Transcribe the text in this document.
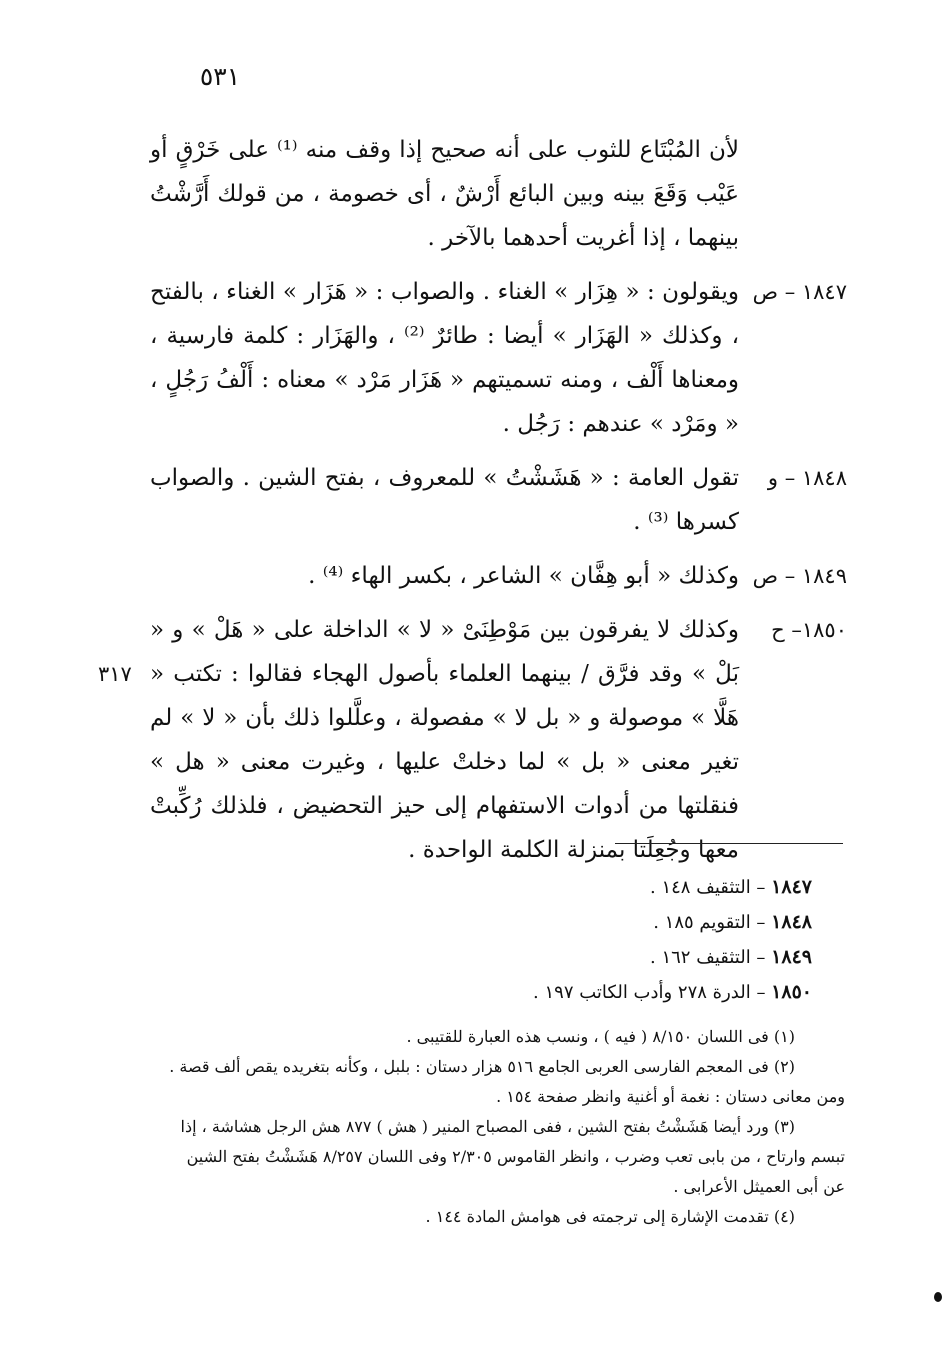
٥٣١
لأن المُبْتَاع للثوب على أنه صحيح إذا وقف منه ⁽¹⁾ على خَرْقٍ أو عَيْب وَقَعَ بينه وبين البائع أَرْشٌ ، أى خصومة ، من قولك أَرَّشْتُ بينهما ، إذا أغريت أحدهما بالآخر .
١٨٤٧ – ص
ويقولون : « هِزَار » الغناء . والصواب : « هَزَار » الغناء ، بالفتح ، وكذلك « الهَزَار » أيضا : طائرٌ ⁽²⁾ ، والهَزَار : كلمة فارسية ، ومعناها أَلْف ، ومنه تسميتهم « هَزَار مَرْد » معناه : أَلْفُ رَجُلٍ ، « ومَرْد » عندهم : رَجُل .
١٨٤٨ – و
تقول العامة : « هَشَشْتُ » للمعروف ، بفتح الشين . والصواب كسرها ⁽³⁾ .
١٨٤٩ – ص
وكذلك « أبو هِفَّان » الشاعر ، بكسر الهاء ⁽⁴⁾ .
١٨٥٠– ح
وكذلك لا يفرقون بين مَوْطِنَىْ « لا » الداخلة على « هَلْ » و « بَلْ » وقد فرَّق / بينهما العلماء بأصول الهجاء فقالوا : تكتب « هَلَّا » موصولة و « بل لا » مفصولة ، وعلَّلوا ذلك بأن « لا » لم تغير معنى « بل » لما دخلتْ عليها ، وغيرت معنى « هل » فنقلتها من أدوات الاستفهام إلى حيز التحضيض ، فلذلك رُكِّبتْ معها وجُعِلَتا بمنزلة الكلمة الواحدة .
٣١٧
١٨٤٧ – التثقيف ١٤٨ .
١٨٤٨ – التقويم ١٨٥ .
١٨٤٩ – التثقيف ١٦٢ .
١٨٥٠ – الدرة ٢٧٨ وأدب الكاتب ١٩٧ .

(١) فى اللسان ٨/١٥٠ ( فيه ) ، ونسب هذه العبارة للقتيبى .

(٢) فى المعجم الفارسى العربى الجامع ٥١٦ هزار دستان : بلبل ، وكأنه بتغريده يقص ألف قصة .

ومن معانى دستان : نغمة أو أغنية وانظر صفحة ١٥٤ .

(٣) ورد أيضا هَشَشْتُ بفتح الشين ، ففى المصباح المنير ( هش ) ٨٧٧ هش الرجل هشاشة ، إذا

تبسم وارتاح ، من بابى تعب وضرب ، وانظر القاموس ٢/٣٠٥ وفى اللسان ٨/٢٥٧ هَشَشْتُ بفتح الشين

عن أبى العميثل الأعرابى .

(٤) تقدمت الإشارة إلى ترجمته فى هوامش المادة ١٤٤ .
